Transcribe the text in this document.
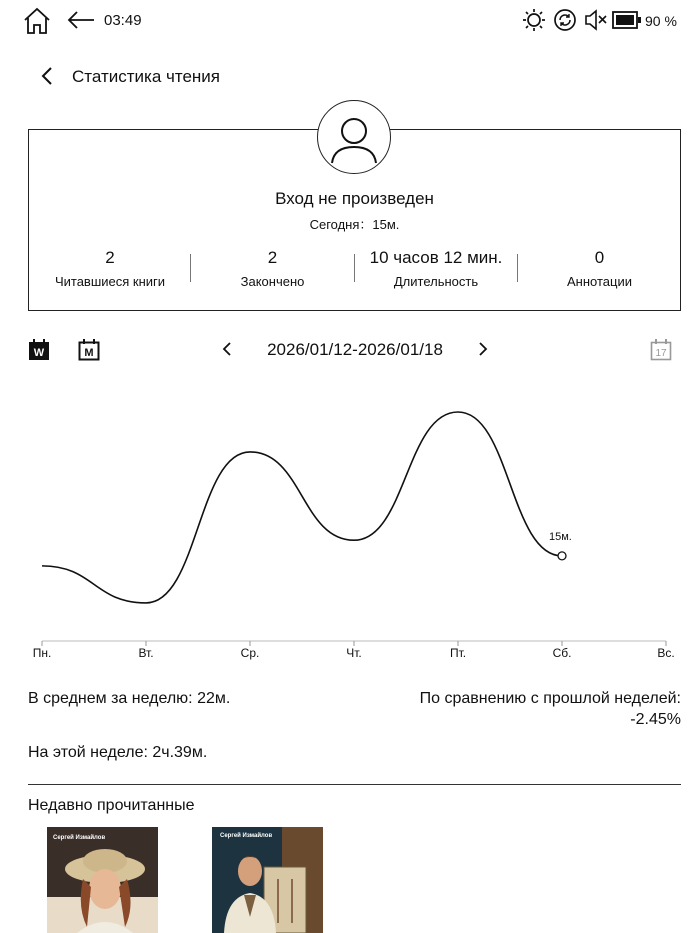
03:49	90 %
Статистика чтения
Вход не произведен
Сегодня：15м.
2
Читавшиеся книги
2
Закончено
10 часов 12 мин.
Длительность
0
Аннотации
W	M	2026/01/12-2026/01/18	17
Пн.	Вт.	Ср.	Чт.	Пт.	Сб.	Вс.
15м.
В среднем за неделю: 22м.	По сравнению с прошлой неделей:
-2.45%
На этой неделе: 2ч.39м.
Недавно прочитанные
Сергей Измайлов	Сергей Измайлов
